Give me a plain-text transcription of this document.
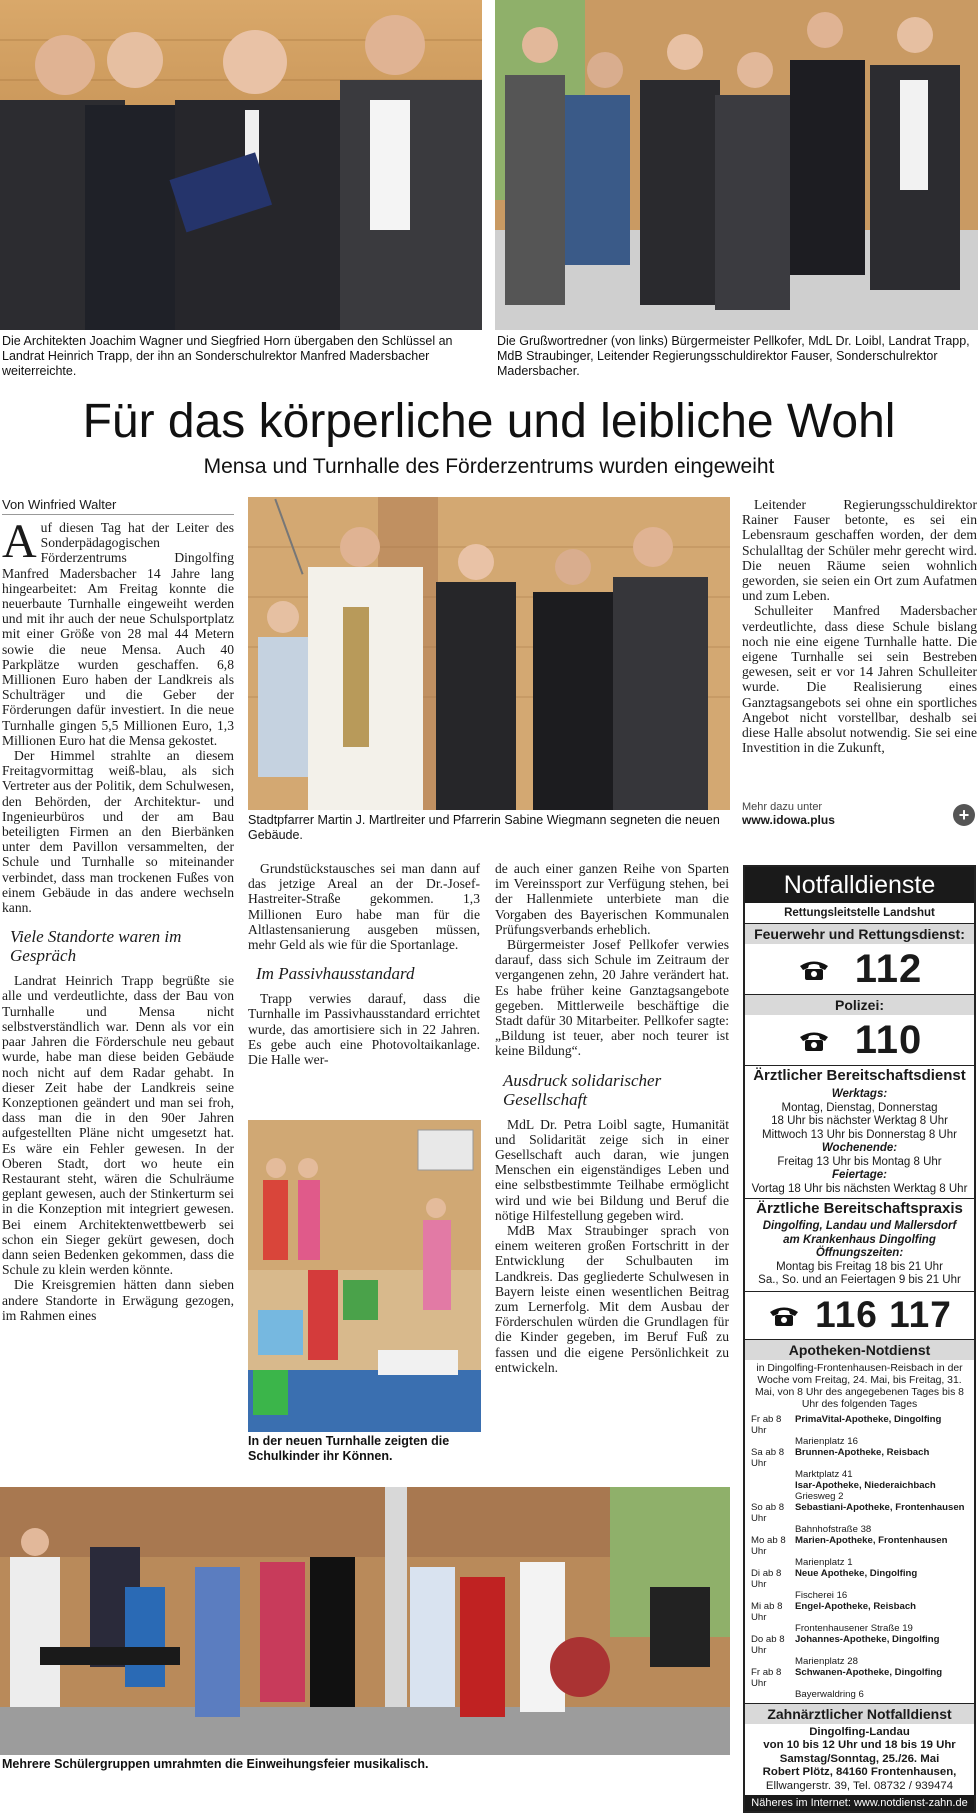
Die Architekten Joachim Wagner und Siegfried Horn übergaben den Schlüssel an Landrat Heinrich Trapp, der ihn an Sonderschulrektor Manfred Madersbacher weiterreichte.
Die Grußwortredner (von links) Bürgermeister Pellkofer, MdL Dr. Loibl, Landrat Trapp, MdB Straubinger, Leitender Regierungsschuldirektor Fauser, Sonderschulrektor Madersbacher.
Für das körperliche und leibliche Wohl
Mensa und Turnhalle des Förderzentrums wurden eingeweiht
Von Winfried Walter

Auf diesen Tag hat der Leiter des Sonderpädagogischen Förderzentrums Dingolfing Manfred Madersbacher 14 Jahre lang hingearbeitet: Am Freitag konnte die neuerbaute Turnhalle eingeweiht werden und mit ihr auch der neue Schulsportplatz mit einer Größe von 28 mal 44 Metern sowie die neue Mensa. Auch 40 Parkplätze wurden geschaffen. 6,8 Millionen Euro haben der Landkreis als Schulträger und die Geber der Förderungen dafür investiert. In die neue Turnhalle gingen 5,5 Millionen Euro, 1,3 Millionen Euro hat die Mensa gekostet.

Der Himmel strahlte an diesem Freitagvormittag weiß-blau, als sich Vertreter aus der Politik, dem Schulwesen, den Behörden, der Architektur- und Ingenieurbüros und der am Bau beteiligten Firmen an den Bierbänken unter dem Pavillon versammelten, der Schule und Turnhalle so miteinander verbindet, dass man trockenen Fußes von einem Gebäude in das andere wechseln kann.

Viele Standorte waren im Gespräch

Landrat Heinrich Trapp begrüßte sie alle und verdeutlichte, dass der Bau von Turnhalle und Mensa nicht selbstverständlich war. Denn als vor ein paar Jahren die Förderschule neu gebaut wurde, habe man diese beiden Gebäude noch nicht auf dem Radar gehabt. In dieser Zeit habe der Landkreis seine Konzeptionen geändert und man sei froh, dass man die in den 90er Jahren aufgestellten Pläne nicht umgesetzt hat. Es wäre ein Fehler gewesen. In der Oberen Stadt, dort wo heute ein Restaurant steht, wären die Schulräume geplant gewesen, auch der Stinkerturm sei in die Konzeption mit integriert gewesen. Bei einem Architektenwettbewerb sei schon ein Sieger gekürt gewesen, doch dann seien Bedenken gekommen, dass die Schule zu klein werden könnte.

Die Kreisgremien hätten dann sieben andere Standorte in Erwägung gezogen, im Rahmen eines

Stadtpfarrer Martin J. Martlreiter und Pfarrerin Sabine Wiegmann segneten die neuen Gebäude.

Leitender Regierungsschuldirektor Rainer Fauser betonte, es sei ein Lebensraum geschaffen worden, der dem Schulalltag der Schüler mehr gerecht wird. Die neuen Räume seien wohnlich geworden, sie seien ein Ort zum Aufatmen und zum Leben.

Schulleiter Manfred Madersbacher verdeutlichte, dass diese Schule bislang noch nie eine eigene Turnhalle hatte. Die eigene Turnhalle sei sein Bestreben gewesen, seit er vor 14 Jahren Schulleiter wurde. Die Realisierung eines Ganztagsangebots sei ohne ein sportliches Angebot nicht vorstellbar, deshalb sei diese Halle absolut notwendig. Sie sei eine Investition in die Zukunft,

Mehr dazu unter
www.idowa.plus	+

Grundstückstausches sei man dann auf das jetzige Areal an der Dr.-Josef-Hastreiter-Straße gekommen. 1,3 Millionen Euro habe man für die Altlastensanierung ausgeben müssen, mehr Geld als wie für die Sportanlage.

Im Passivhausstandard

Trapp verwies darauf, dass die Turnhalle im Passivhausstandard errichtet wurde, das amortisiere sich in 22 Jahren. Es gebe auch eine Photovoltaikanlage. Die Halle wer-

In der neuen Turnhalle zeigten die Schulkinder ihr Können.

de auch einer ganzen Reihe von Sparten im Vereinssport zur Verfügung stehen, bei der Hallenmiete unterbiete man die Vorgaben des Bayerischen Kommunalen Prüfungsverbands erheblich.

Bürgermeister Josef Pellkofer verwies darauf, dass sich Schule im Zeitraum der vergangenen zehn, 20 Jahre verändert hat. Es habe früher keine Ganztagsangebote gegeben. Mittlerweile beschäftige die Stadt dafür 30 Mitarbeiter. Pellkofer sagte: „Bildung ist teuer, aber noch teurer ist keine Bildung“.

Ausdruck solidarischer Gesellschaft

MdL Dr. Petra Loibl sagte, Humanität und Solidarität zeige sich in einer Gesellschaft auch daran, wie jungen Menschen ein eigenständiges Leben und eine selbstbestimmte Teilhabe ermöglicht wird und wie bei Bildung und Beruf die nötige Hilfestellung gegeben wird.

MdB Max Straubinger sprach von einem weiteren großen Fortschritt in der Entwicklung der Schulbauten im Landkreis. Das gegliederte Schulwesen in Bayern leiste einen wesentlichen Beitrag zum Lernerfolg. Mit dem Ausbau der Förderschulen würden die Grundlagen für die Kinder gegeben, im Beruf Fuß zu fassen und die eigene Persönlichkeit zu entwickeln.

Mehrere Schülergruppen umrahmten die Einweihungsfeier musikalisch.
Notfalldienste
Rettungsleitstelle Landshut
Feuerwehr und Rettungsdienst:
112
Polizei:
110
Ärztlicher Bereitschaftsdienst
Werktags:
Montag, Dienstag, Donnerstag
18 Uhr bis nächster Werktag 8 Uhr
Mittwoch 13 Uhr bis Donnerstag 8 Uhr
Wochenende:
Freitag 13 Uhr bis Montag 8 Uhr
Feiertage:
Vortag 18 Uhr bis nächsten Werktag 8 Uhr
Ärztliche Bereitschaftspraxis
Dingolfing, Landau und Mallersdorf
am Krankenhaus Dingolfing
Öffnungszeiten:
Montag bis Freitag 18 bis 21 Uhr
Sa., So. und an Feiertagen 9 bis 21 Uhr
116 117
Apotheken-Notdienst
in Dingolfing-Frontenhausen-Reisbach in der Woche vom Freitag, 24. Mai, bis Freitag, 31. Mai, von 8 Uhr des angegebenen Tages bis 8 Uhr des folgenden Tages
Fr ab 8 Uhr
PrimaVital-Apotheke, Dingolfing
Marienplatz 16
Sa ab 8 Uhr
Brunnen-Apotheke, Reisbach
Marktplatz 41
Isar-Apotheke, Niederaichbach
Griesweg 2
So ab 8 Uhr
Sebastiani-Apotheke, Frontenhausen
Bahnhofstraße 38
Mo ab 8 Uhr
Marien-Apotheke, Frontenhausen
Marienplatz 1
Di ab 8 Uhr
Neue Apotheke, Dingolfing
Fischerei 16
Mi ab 8 Uhr
Engel-Apotheke, Reisbach
Frontenhausener Straße 19
Do ab 8 Uhr
Johannes-Apotheke, Dingolfing
Marienplatz 28
Fr ab 8 Uhr
Schwanen-Apotheke, Dingolfing
Bayerwaldring 6
Zahnärztlicher Notfalldienst
Dingolfing-Landau
von 10 bis 12 Uhr und 18 bis 19 Uhr
Samstag/Sonntag, 25./26. Mai
Robert Plötz, 84160 Frontenhausen,
Ellwangerstr. 39, Tel. 08732 / 939474
Näheres im Internet: www.notdienst-zahn.de
